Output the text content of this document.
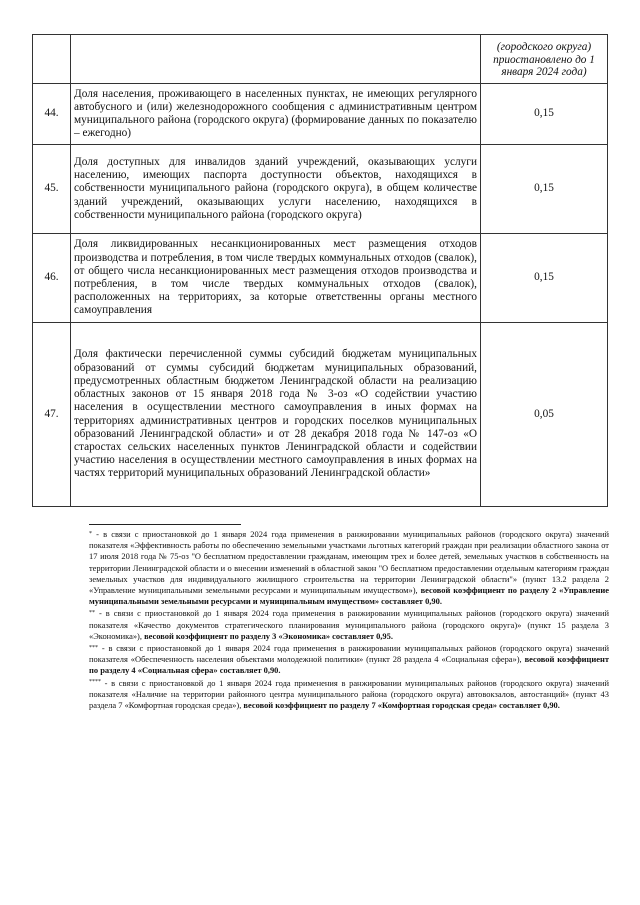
		(городского округа) приостановлено до 1 января 2024 года)
44.	Доля населения, проживающего в населенных пунктах, не имеющих регулярного автобусного и (или) железнодорожного сообщения с административным центром муниципального района (городского округа) (формирование данных по показателю – ежегодно)	0,15
45.	Доля доступных для инвалидов зданий учреждений, оказывающих услуги населению, имеющих паспорта доступности объектов, находящихся в собственности муниципального района (городского округа), в общем количестве зданий учреждений, оказывающих услуги населению, находящихся в собственности муниципального района (городского округа)	0,15
46.	Доля ликвидированных несанкционированных мест размещения отходов производства и потребления, в том числе твердых коммунальных отходов (свалок), от общего числа несанкционированных мест размещения отходов производства и потребления, в том числе твердых коммунальных отходов (свалок), расположенных на территориях, за которые ответственны органы местного самоуправления	0,15
47.	Доля фактически перечисленной суммы субсидий бюджетам муниципальных образований от суммы субсидий бюджетам муниципальных образований, предусмотренных областным бюджетом Ленинградской области на реализацию областных законов от 15 января 2018 года № 3-оз «О содействии участию населения в осуществлении местного самоуправления в иных формах на территориях административных центров и городских поселков муниципальных образований Ленинградской области» и от 28 декабря 2018 года № 147-оз «О старостах сельских населенных пунктов Ленинградской области и содействии участию населения в осуществлении местного самоуправления в иных формах на частях территорий муниципальных образований Ленинградской области»	0,05

* - в связи с приостановкой до 1 января 2024 года применения в ранжировании муниципальных районов (городского округа) значений показателя «Эффективность работы по обеспечению земельными участками льготных категорий граждан при реализации областного закона от 17 июля 2018 года № 75-оз "О бесплатном предоставлении гражданам, имеющим трех и более детей, земельных участков в собственность на территории Ленинградской области и о внесении изменений в областной закон "О бесплатном предоставлении отдельным категориям граждан земельных участков для индивидуального жилищного строительства на территории Ленинградской области"» (пункт 13.2 раздела 2 «Управление муниципальными земельными ресурсами и муниципальным имуществом»), весовой коэффициент по разделу 2 «Управление муниципальными земельными ресурсами и муниципальным имуществом» составляет 0,90.

** - в связи с приостановкой до 1 января 2024 года применения в ранжировании муниципальных районов (городского округа) значений показателя «Качество документов стратегического планирования муниципального района (городского округа)» (пункт 15 раздела 3 «Экономика»), весовой коэффициент по разделу 3 «Экономика» составляет 0,95.

*** - в связи с приостановкой до 1 января 2024 года применения в ранжировании муниципальных районов (городского округа) значений показателя «Обеспеченность населения объектами молодежной политики» (пункт 28 раздела 4 «Социальная сфера»), весовой коэффициент по разделу 4 «Социальная сфера» составляет 0,90.

**** - в связи с приостановкой до 1 января 2024 года применения в ранжировании муниципальных районов (городского округа) значений показателя «Наличие на территории районного центра муниципального района (городского округа) автовокзалов, автостанций» (пункт 43 раздела 7 «Комфортная городская среда»), весовой коэффициент по разделу 7 «Комфортная городская среда» составляет 0,90.
